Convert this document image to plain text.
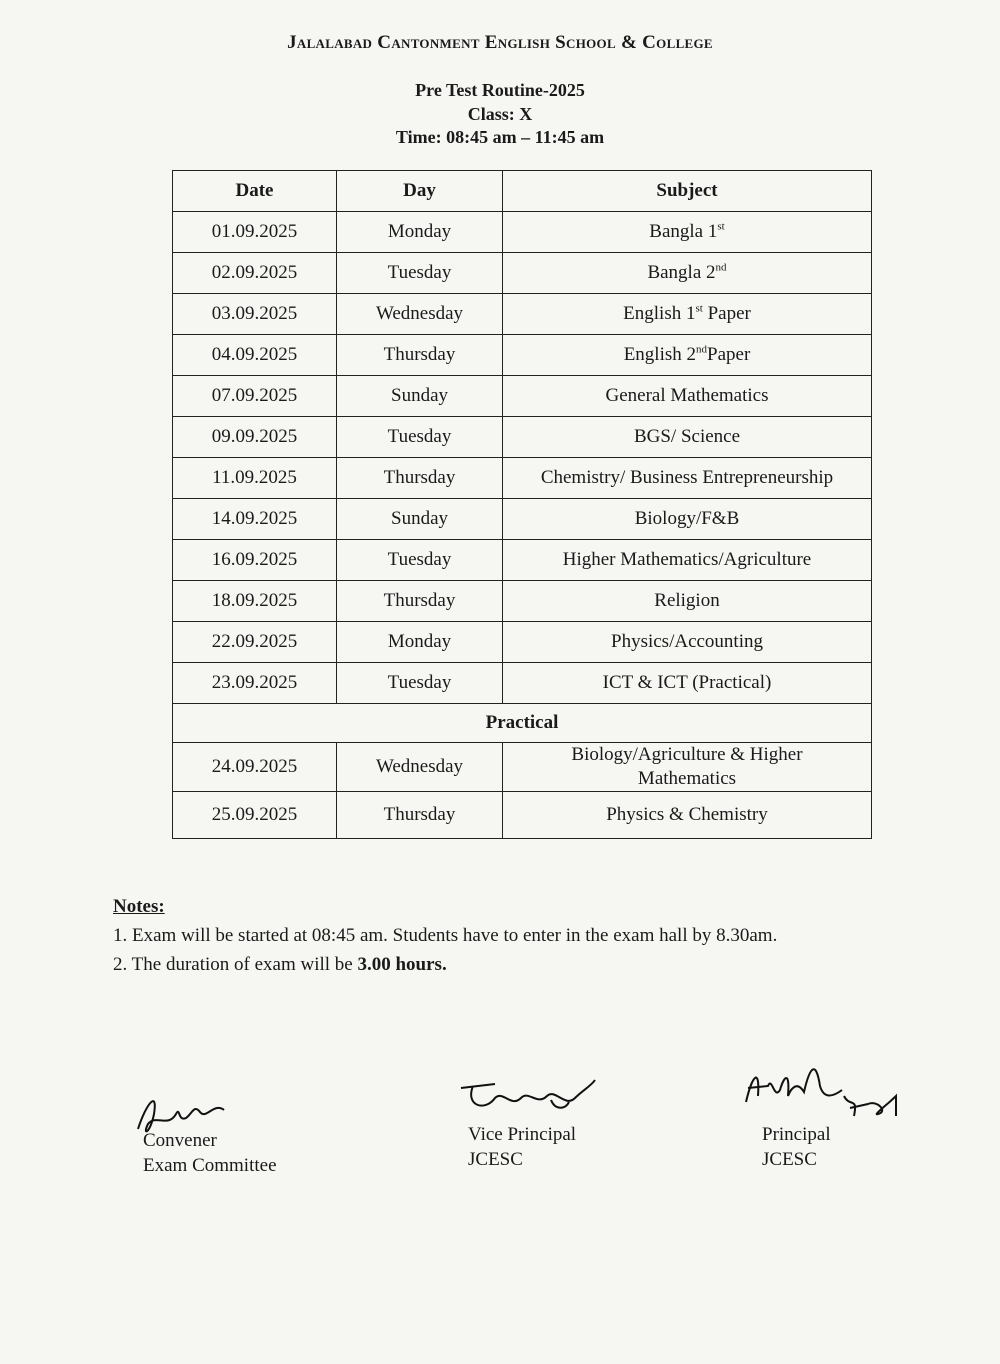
Jalalabad Cantonment English School & College
Pre Test Routine-2025
Class: X
Time: 08:45 am – 11:45 am
Date	Day	Subject
01.09.2025	Monday	Bangla 1st
02.09.2025	Tuesday	Bangla 2nd
03.09.2025	Wednesday	English 1st Paper
04.09.2025	Thursday	English 2ndPaper
07.09.2025	Sunday	General Mathematics
09.09.2025	Tuesday	BGS/ Science
11.09.2025	Thursday	Chemistry/ Business Entrepreneurship
14.09.2025	Sunday	Biology/F&B
16.09.2025	Tuesday	Higher Mathematics/Agriculture
18.09.2025	Thursday	Religion
22.09.2025	Monday	Physics/Accounting
23.09.2025	Tuesday	ICT & ICT (Practical)
Practical		
24.09.2025	Wednesday	Biology/Agriculture & Higher
Mathematics

25.09.2025	Thursday	Physics & Chemistry
Notes:
1. Exam will be started at 08:45 am. Students have to enter in the exam hall by 8.30am.
2. The duration of exam will be 3.00 hours.
Convener
Exam Committee
Vice Principal
JCESC
Principal
JCESC
